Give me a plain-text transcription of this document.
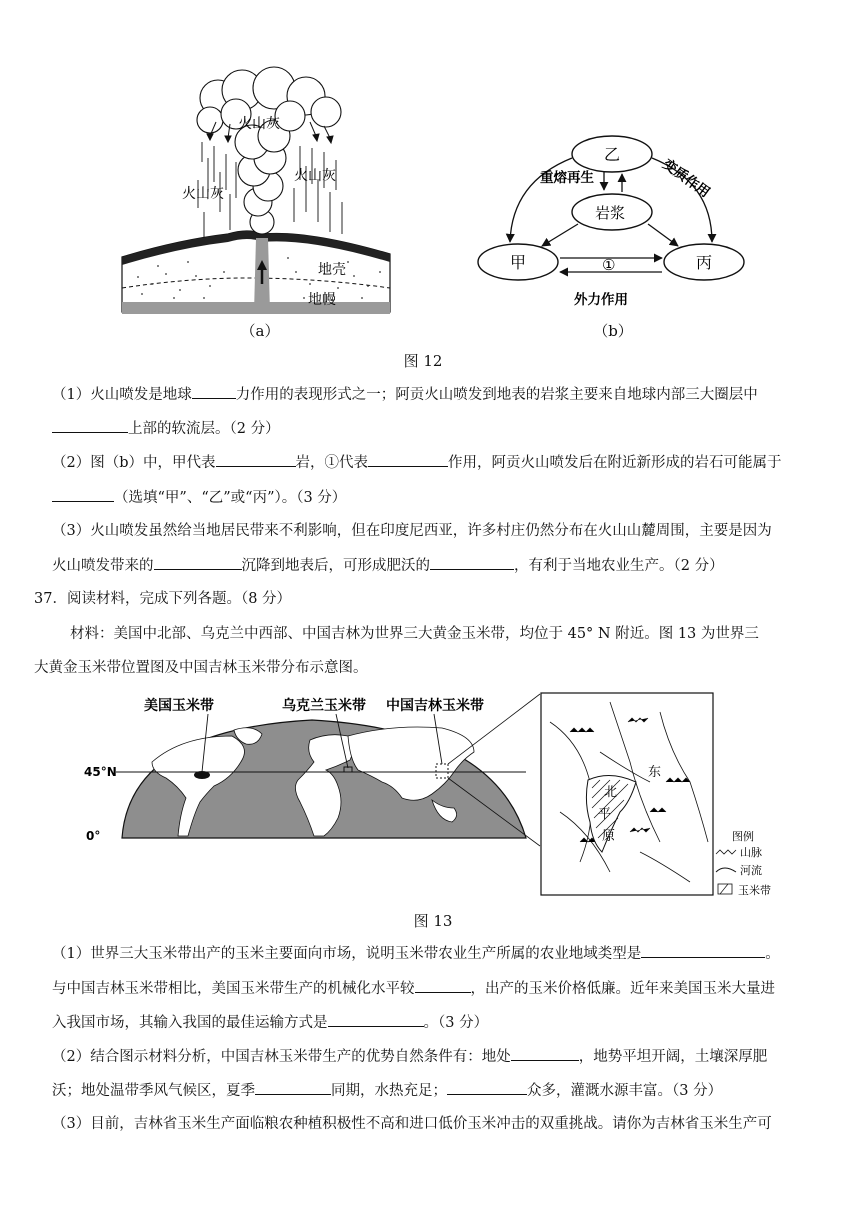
火山灰
火山灰
火山灰
地壳
地幔
（a）
乙
岩浆
甲	丙
重熔再生	变质作用
①
外力作用
（b）
图 12
（1）火山喷发是地球	力作用的表现形式之一；阿贡火山喷发到地表的岩浆主要来自地球内部三大圈层中
上部的软流层。（2 分）
（2）图（b）中，甲代表	岩，①代表	作用，阿贡火山喷发后在附近新形成的岩石可能属于
（选填“甲”、“乙”或“丙”）。（3 分）
（3）火山喷发虽然给当地居民带来不利影响，但在印度尼西亚，许多村庄仍然分布在火山山麓周围，主要是因为
火山喷发带来的	沉降到地表后，可形成肥沃的	，有利于当地农业生产。（2 分）
37．阅读材料，完成下列各题。（8 分）
材料：美国中北部、乌克兰中西部、中国吉林为世界三大黄金玉米带，均位于 45° N 附近。图 13 为世界三
大黄金玉米带位置图及中国吉林玉米带分布示意图。
美国玉米带	乌克兰玉米带 中国吉林玉米带
45°N
0°
东
北
平
原	图例
山脉
河流
玉米带
图 13
（1）世界三大玉米带出产的玉米主要面向市场，说明玉米带农业生产所属的农业地域类型是	。
与中国吉林玉米带相比，美国玉米带生产的机械化水平较	，出产的玉米价格低廉。近年来美国玉米大量进
入我国市场，其输入我国的最佳运输方式是	。（3 分）
（2）结合图示材料分析，中国吉林玉米带生产的优势自然条件有：地处	，地势平坦开阔，土壤深厚肥
沃；地处温带季风气候区，夏季	同期，水热充足；	众多，灌溉水源丰富。（3 分）
（3）目前，吉林省玉米生产面临粮农种植积极性不高和进口低价玉米冲击的双重挑战。请你为吉林省玉米生产可
